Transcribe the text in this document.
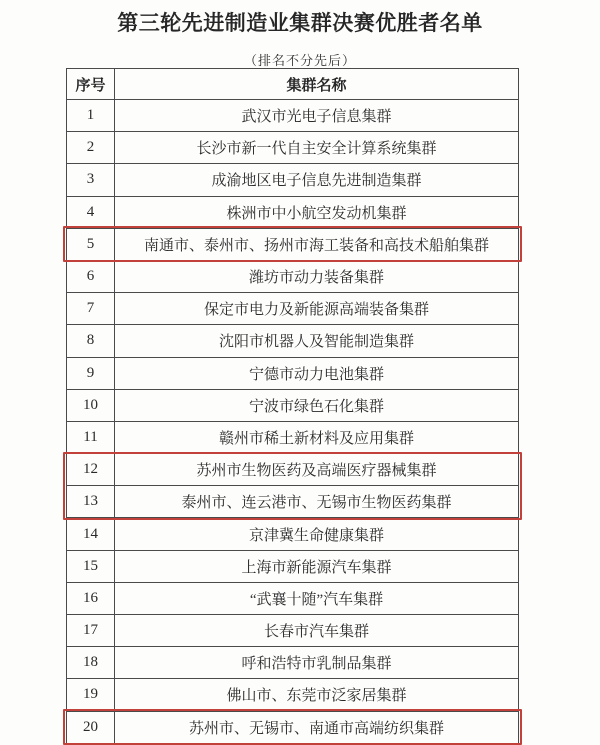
第三轮先进制造业集群决赛优胜者名单
（排名不分先后）
序号	集群名称
1	武汉市光电子信息集群
2	长沙市新一代自主安全计算系统集群
3	成渝地区电子信息先进制造集群
4	株洲市中小航空发动机集群
5	南通市、泰州市、扬州市海工装备和高技术船舶集群
6	潍坊市动力装备集群
7	保定市电力及新能源高端装备集群
8	沈阳市机器人及智能制造集群
9	宁德市动力电池集群
10	宁波市绿色石化集群
11	赣州市稀土新材料及应用集群
12	苏州市生物医药及高端医疗器械集群
13	泰州市、连云港市、无锡市生物医药集群
14	京津冀生命健康集群
15	上海市新能源汽车集群
16	“武襄十随”汽车集群
17	长春市汽车集群
18	呼和浩特市乳制品集群
19	佛山市、东莞市泛家居集群
20	苏州市、无锡市、南通市高端纺织集群
